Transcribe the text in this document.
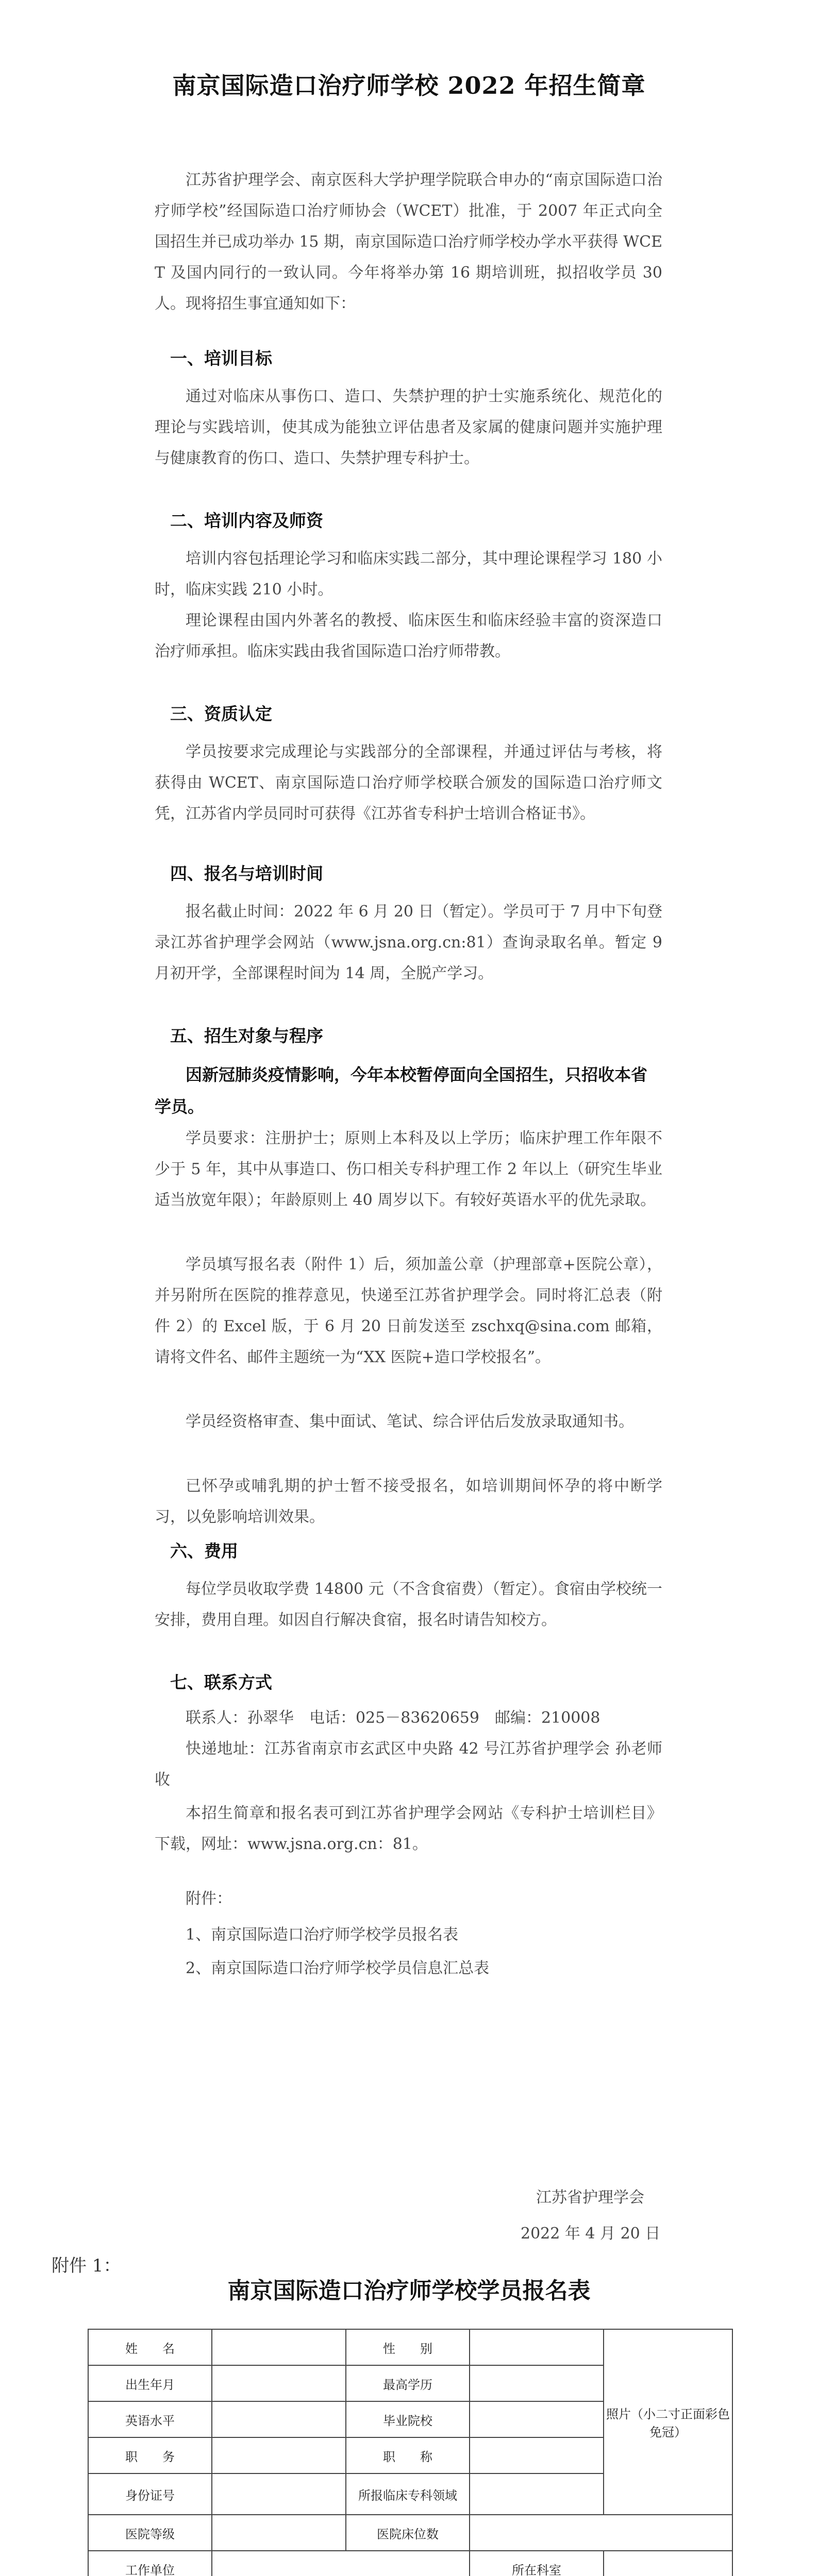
南京国际造口治疗师学校 2022 年招生简章

江苏省护理学会、南京医科大学护理学院联合申办的“南京国际造口治疗师学校”经国际造口治疗师协会（WCET）批准，于 2007 年正式向全国招生并已成功举办 15 期，南京国际造口治疗师学校办学水平获得 WCET 及国内同行的一致认同。今年将举办第 16 期培训班，拟招收学员 30 人。现将招生事宜通知如下：

一、培训目标

通过对临床从事伤口、造口、失禁护理的护士实施系统化、规范化的理论与实践培训，使其成为能独立评估患者及家属的健康问题并实施护理与健康教育的伤口、造口、失禁护理专科护士。

二、培训内容及师资

培训内容包括理论学习和临床实践二部分，其中理论课程学习 180 小时，临床实践 210 小时。

理论课程由国内外著名的教授、临床医生和临床经验丰富的资深造口治疗师承担。临床实践由我省国际造口治疗师带教。

三、资质认定

学员按要求完成理论与实践部分的全部课程，并通过评估与考核，将获得由 WCET、南京国际造口治疗师学校联合颁发的国际造口治疗师文凭，江苏省内学员同时可获得《江苏省专科护士培训合格证书》。

四、报名与培训时间

报名截止时间：2022 年 6 月 20 日（暂定）。学员可于 7 月中下旬登录江苏省护理学会网站（www.jsna.org.cn:81）查询录取名单。暂定 9 月初开学，全部课程时间为 14 周，全脱产学习。

五、招生对象与程序

因新冠肺炎疫情影响，今年本校暂停面向全国招生，只招收本省学员。

学员要求：注册护士；原则上本科及以上学历；临床护理工作年限不少于 5 年，其中从事造口、伤口相关专科护理工作 2 年以上（研究生毕业适当放宽年限）；年龄原则上 40 周岁以下。有较好英语水平的优先录取。

学员填写报名表（附件 1）后，须加盖公章（护理部章+医院公章），并另附所在医院的推荐意见，快递至江苏省护理学会。同时将汇总表（附件 2）的 Excel 版，于 6 月 20 日前发送至 zschxq@sina.com 邮箱，请将文件名、邮件主题统一为“XX 医院+造口学校报名”。

学员经资格审查、集中面试、笔试、综合评估后发放录取通知书。

已怀孕或哺乳期的护士暂不接受报名，如培训期间怀孕的将中断学习，以免影响培训效果。

六、费用

每位学员收取学费 14800 元（不含食宿费）（暂定）。食宿由学校统一安排，费用自理。如因自行解决食宿，报名时请告知校方。

七、联系方式

联系人：孙翠华　电话：025－83620659　邮编：210008

快递地址：江苏省南京市玄武区中央路 42 号江苏省护理学会 孙老师收

本招生简章和报名表可到江苏省护理学会网站《专科护士培训栏目》下载，网址：www.jsna.org.cn：81。

附件：

1、南京国际造口治疗师学校学员报名表

2、南京国际造口治疗师学校学员信息汇总表

江苏省护理学会

2022 年 4 月 20 日

附件 1：
南京国际造口治疗师学校学员报名表
姓　　名		性　　别		照片（小二寸正面彩色免冠）
出生年月		最高学历		
英语水平		毕业院校		
职　　务		职　　称		
身份证号		所报临床专科领域		
医院等级		医院床位数		
工作单位			所在科室	
